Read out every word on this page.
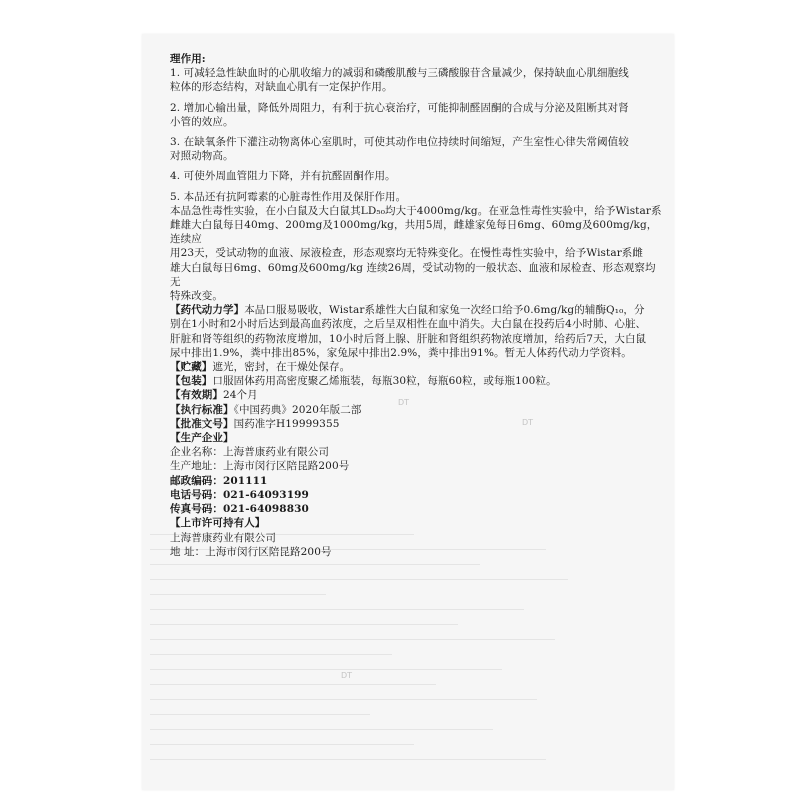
理作用:

1. 可减轻急性缺血时的心肌收缩力的减弱和磷酸肌酸与三磷酸腺苷含量减少，保持缺血心肌细胞线

粒体的形态结构，对缺血心肌有一定保护作用。

2. 增加心输出量，降低外周阻力，有利于抗心衰治疗，可能抑制醛固酮的合成与分泌及阻断其对肾

小管的效应。

3. 在缺氧条件下灌注动物离体心室肌时，可使其动作电位持续时间缩短，产生室性心律失常阈值较

对照动物高。

4. 可使外周血管阻力下降，并有抗醛固酮作用。

5. 本品还有抗阿霉素的心脏毒性作用及保肝作用。

本品急性毒性实验，在小白鼠及大白鼠其LD₅₀均大于4000mg/kg。在亚急性毒性实验中，给予Wistar系

雌雄大白鼠每日40mg、200mg及1000mg/kg，共用5周，雌雄家兔每日6mg、60mg及600mg/kg， 连续应

用23天，受试动物的血液、尿液检查，形态观察均无特殊变化。在慢性毒性实验中，给予Wistar系雌

雄大白鼠每日6mg、60mg及600mg/kg 连续26周，受试动物的一般状态、血液和尿检查、形态观察均无

特殊改变。

【药代动力学】本品口服易吸收，Wistar系雄性大白鼠和家兔一次经口给予0.6mg/kg的辅酶Q₁₀，分

别在1小时和2小时后达到最高血药浓度，之后呈双相性在血中消失。大白鼠在投药后4小时肺、心脏、

肝脏和肾等组织的药物浓度增加，10小时后肾上腺、肝脏和肾组织药物浓度增加，给药后7天，大白鼠

尿中排出1.9%，粪中排出85%，家兔尿中排出2.9%，粪中排出91%。暂无人体药代动力学资料。

【贮藏】遮光，密封，在干燥处保存。

【包装】口服固体药用高密度聚乙烯瓶装，每瓶30粒，每瓶60粒，或每瓶100粒。

【有效期】24个月

【执行标准】《中国药典》2020年版二部

【批准文号】国药准字H19999355

【生产企业】

企业名称：上海普康药业有限公司

生产地址：上海市闵行区陪昆路200号

邮政编码：201111

电话号码：021-64093199

传真号码：021-64098830

【上市许可持有人】

上海普康药业有限公司

地 址：上海市闵行区陪昆路200号

DT
DT
DT
